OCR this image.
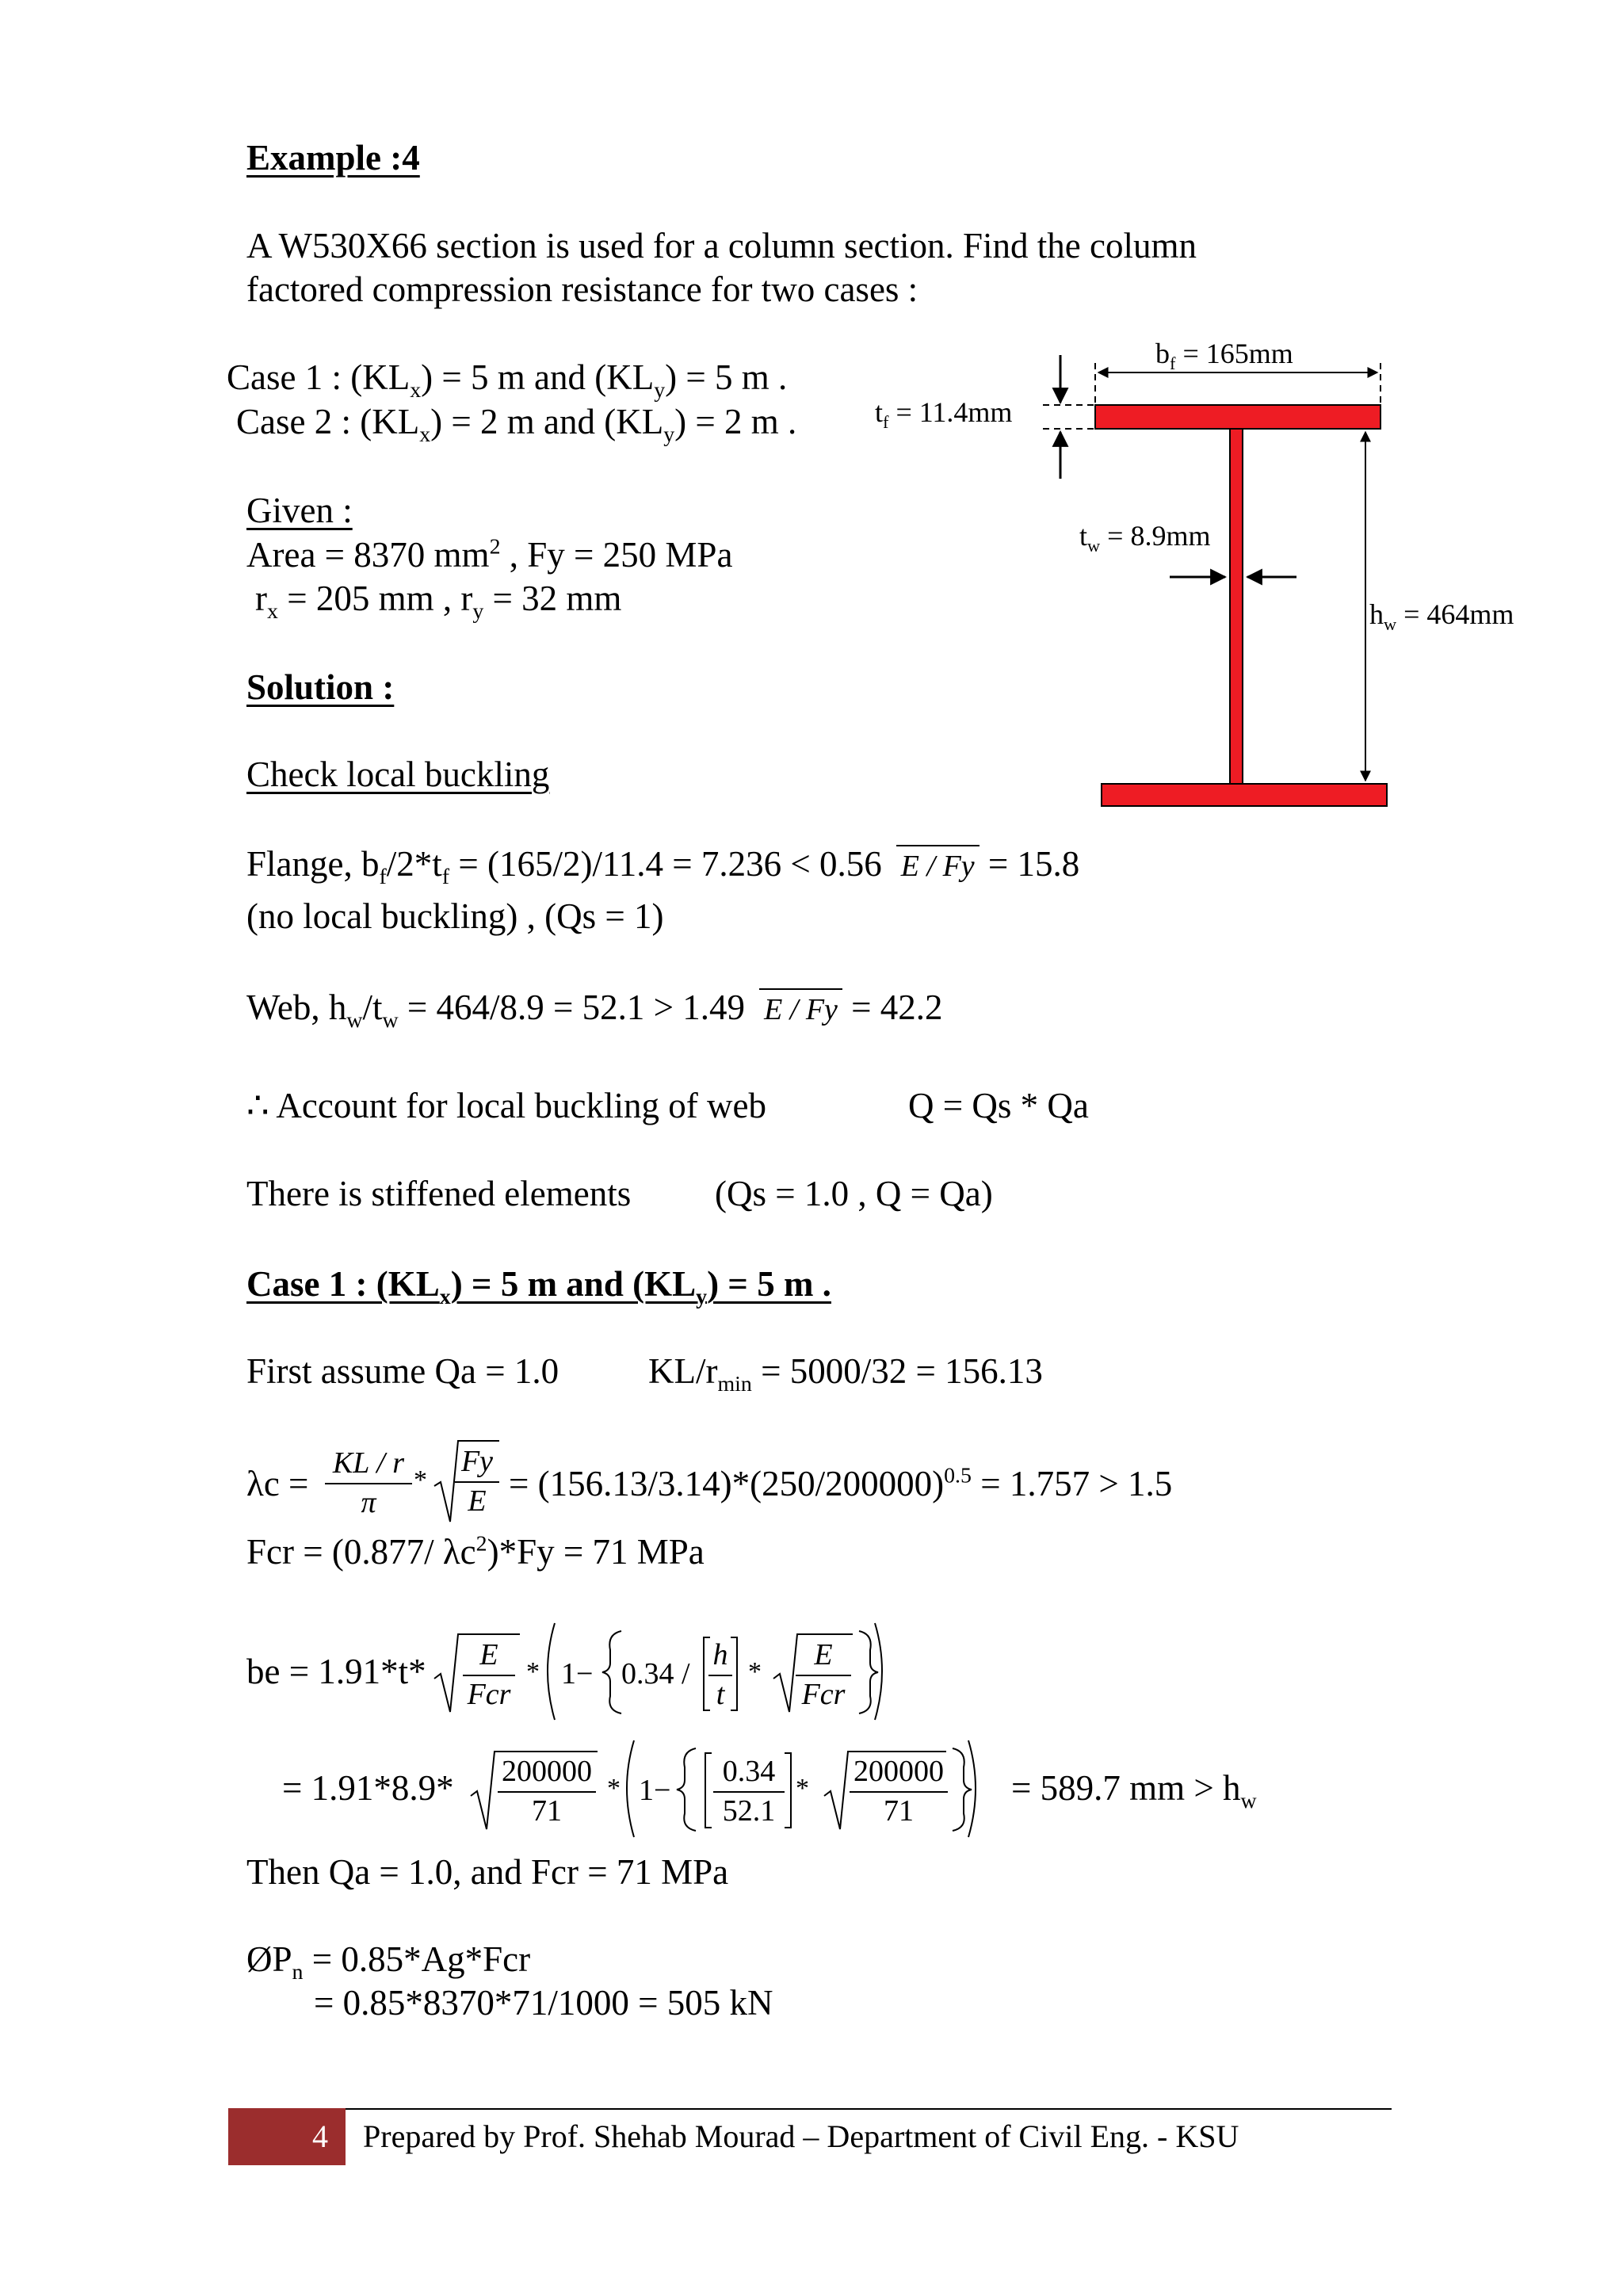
Example :4
A W530X66 section is used for a column section. Find the column
factored compression resistance for two cases :
Case 1 : $(KL_x) = 5$ m and $(KL_y) = 5$ m .
Case 2 : $(KL_x) = 2$ m and $(KL_y) = 2$ m .
$b_f = 165mm$
$t_f = 11.4mm$
$t_w = 8.9mm$
$h_w = 464mm$
Given :
Area = 8370 $mm^2$ , Fy = 250 MPa
$r_x = 205$ mm , $r_y = 32$ mm
Solution :
Check local buckling
Flange, $b_f/2*t_f = (165/2)/11.4 = 7.236 < 0.56$ E / Fy = 15.8
(no local buckling) , (Qs = 1)
Web, $h_w/t_w = 464/8.9 = 52.1 > 1.49$ E / Fy = 42.2
∴ Account for local buckling of web	Q = Qs * Qa
There is stiffened elements (Qs = 1.0 , Q = Qa)
Case 1 : $(KL_x) = 5$ m and $(KL_y) = 5$ m .
First assume Qa = 1.0	$KL/r_{min} = 5000/32 = 156.13$
λc =
KL / r
π
*
Fy
$E = (156.13/3.14)*(250/200000)^{0.5} = 1.757 > 1.5$
Fcr = (0.877/ $\lambda c^2)*Fy = 71$ MPa
be = 1.91*t*	E
Fcr
* 1− 0.34 /
h
t
*
E
Fcr
= 1.91*8.9* 200000
71
* 1−
0.34
52.1
*
200000
71
= 589.7 mm > $h_w$
Then Qa = 1.0, and Fcr = 71 MPa
$ØP_n = 0.85*Ag*Fcr$
= 0.85*8370*71/1000 = 505 kN
4	Prepared by Prof. Shehab Mourad – Department of Civil Eng. - KSU
